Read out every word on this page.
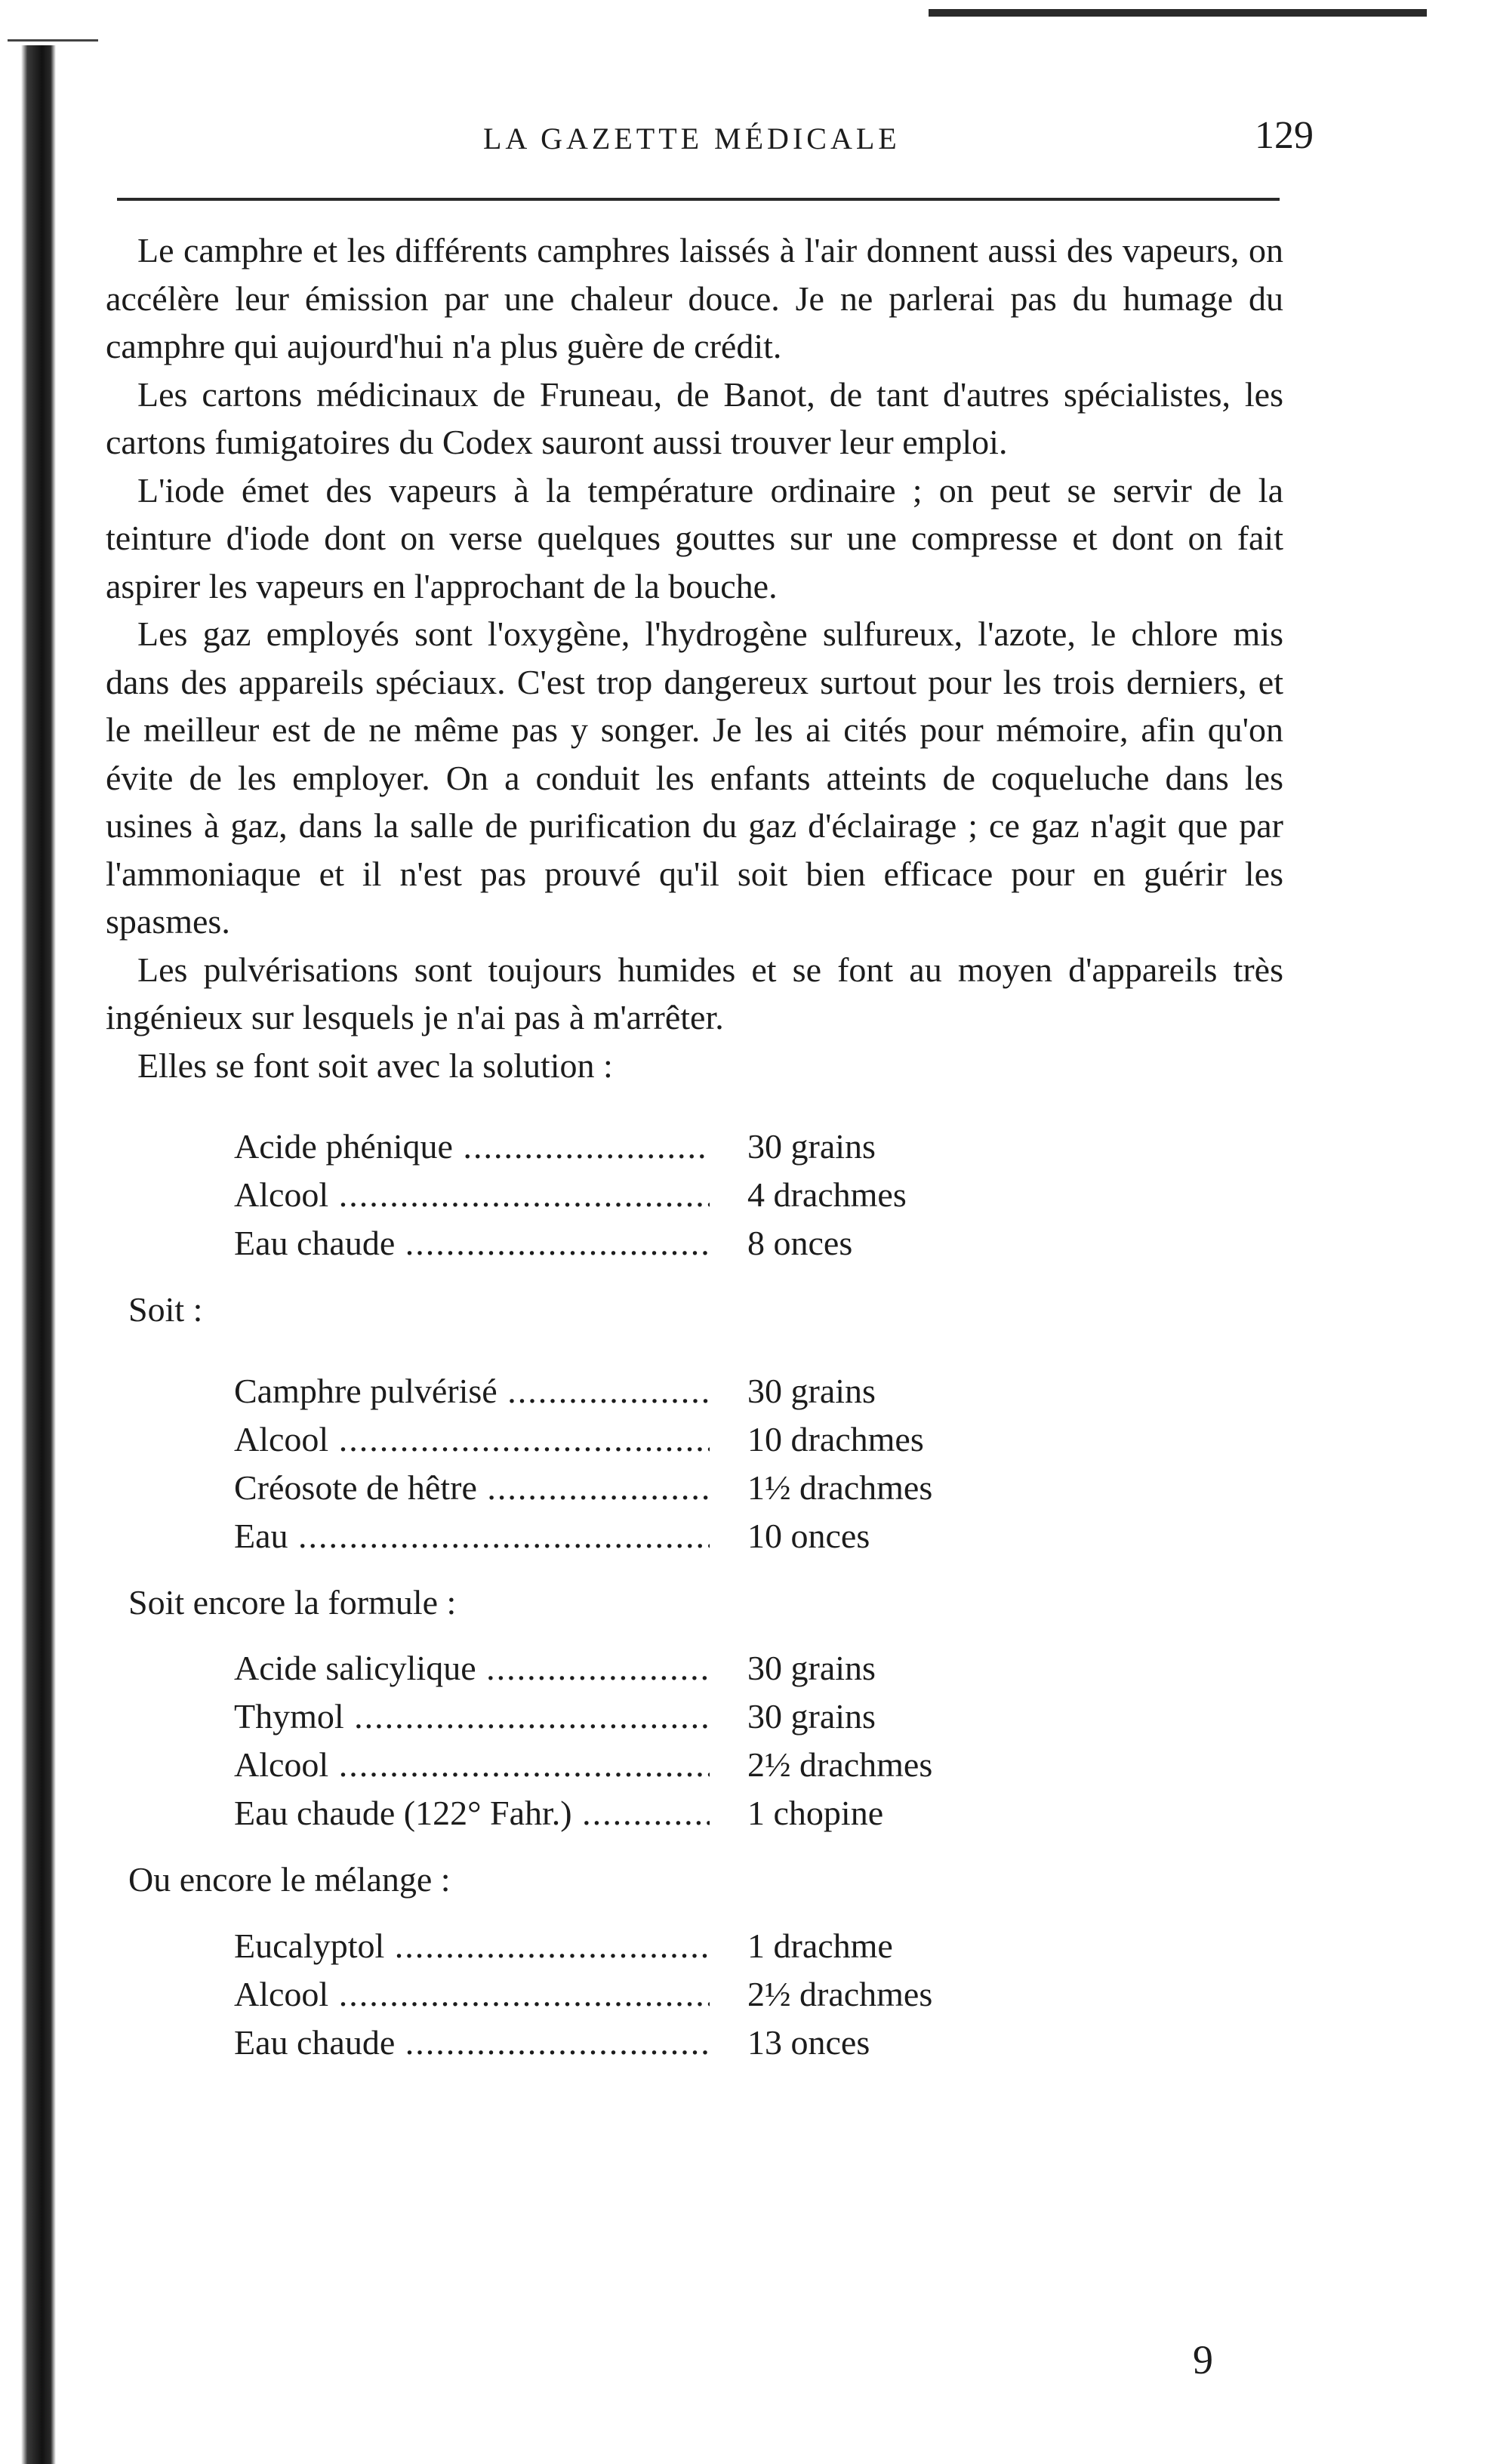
LA GAZETTE MÉDICALE	129

Le camphre et les différents camphres laissés à l'air donnent aussi des vapeurs, on accélère leur émission par une chaleur douce. Je ne parlerai pas du humage du camphre qui aujourd'hui n'a plus guère de crédit.

Les cartons médicinaux de Fruneau, de Banot, de tant d'autres spécialistes, les cartons fumigatoires du Codex sauront aussi trouver leur emploi.

L'iode émet des vapeurs à la température ordinaire ; on peut se servir de la teinture d'iode dont on verse quelques gouttes sur une compresse et dont on fait aspirer les vapeurs en l'approchant de la bouche.

Les gaz employés sont l'oxygène, l'hydrogène sulfureux, l'azote, le chlore mis dans des appareils spéciaux. C'est trop dangereux surtout pour les trois derniers, et le meilleur est de ne même pas y songer. Je les ai cités pour mémoire, afin qu'on évite de les employer. On a conduit les enfants atteints de coqueluche dans les usines à gaz, dans la salle de purification du gaz d'éclairage ; ce gaz n'agit que par l'ammoniaque et il n'est pas prouvé qu'il soit bien efficace pour en guérir les spasmes.

Les pulvérisations sont toujours humides et se font au moyen d'appareils très ingénieux sur lesquels je n'ai pas à m'arrêter.

Elles se font soit avec la solution :

Acide phénique .....	30 grains
Alcool .....	4 drachmes
Eau chaude .....	8 onces

Soit :

Camphre pulvérisé .....	30 grains
Alcool .....	10 drachmes
Créosote de hêtre .....	1½ drachmes
Eau .....	10 onces

Soit encore la formule :

Acide salicylique .....	30 grains
Thymol .....	30 grains
Alcool .....	2½ drachmes
Eau chaude (122° Fahr.) .....	1 chopine

Ou encore le mélange :

Eucalyptol .....	1 drachme
Alcool .....	2½ drachmes
Eau chaude .....	13 onces
9
